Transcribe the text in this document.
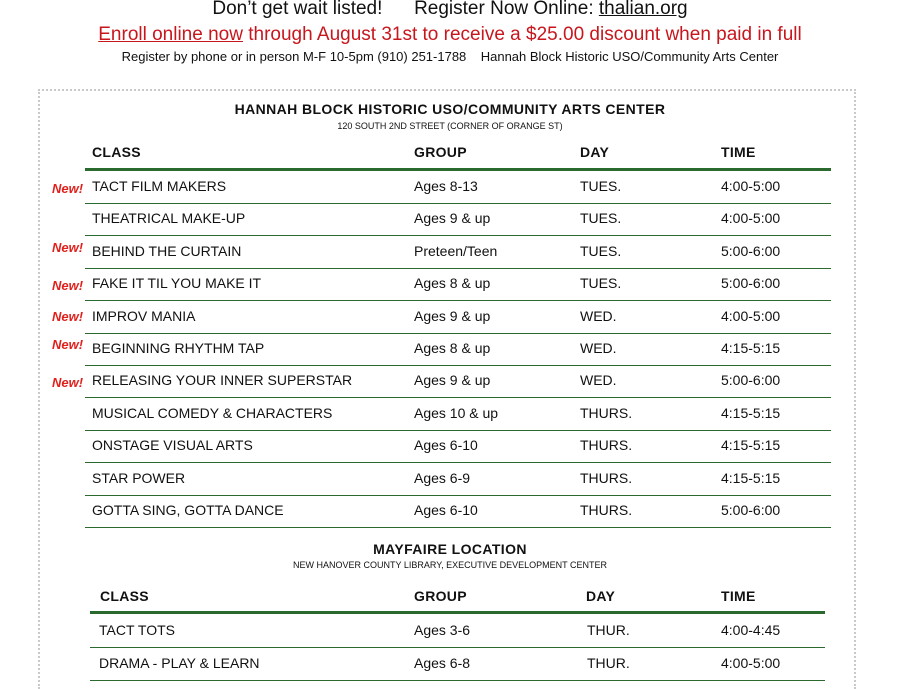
Don’t get wait listed! Register Now Online: thalian.org
Enroll online now through August 31st to receive a $25.00 discount when paid in full
Register by phone or in person M-F 10-5pm (910) 251-1788    Hannah Block Historic USO/Community Arts Center
HANNAH BLOCK HISTORIC USO/COMMUNITY ARTS CENTER
120 SOUTH 2ND STREET (CORNER OF ORANGE ST)
CLASS	GROUP	DAY	TIME
New! TACT FILM MAKERS	Ages 8-13	TUES.	4:00-5:00
THEATRICAL MAKE-UP	Ages 9 & up	TUES.	4:00-5:00
New! BEHIND THE CURTAIN	Preteen/Teen	TUES.	5:00-6:00
New! FAKE IT TIL YOU MAKE IT	Ages 8 & up	TUES.	5:00-6:00
New! IMPROV MANIA	Ages 9 & up	WED.	4:00-5:00
New! BEGINNING RHYTHM TAP	Ages 8 & up	WED.	4:15-5:15
New! RELEASING YOUR INNER SUPERSTAR	Ages 9 & up	WED.	5:00-6:00
MUSICAL COMEDY & CHARACTERS	Ages 10 & up	THURS.	4:15-5:15
ONSTAGE VISUAL ARTS	Ages 6-10	THURS.	4:15-5:15
STAR POWER	Ages 6-9	THURS.	4:15-5:15
GOTTA SING, GOTTA DANCE	Ages 6-10	THURS.	5:00-6:00
MAYFAIRE LOCATION
NEW HANOVER COUNTY LIBRARY, EXECUTIVE DEVELOPMENT CENTER
CLASS	GROUP	DAY	TIME
TACT TOTS	Ages 3-6	THUR.	4:00-4:45
DRAMA - PLAY & LEARN	Ages 6-8	THUR.	4:00-5:00
